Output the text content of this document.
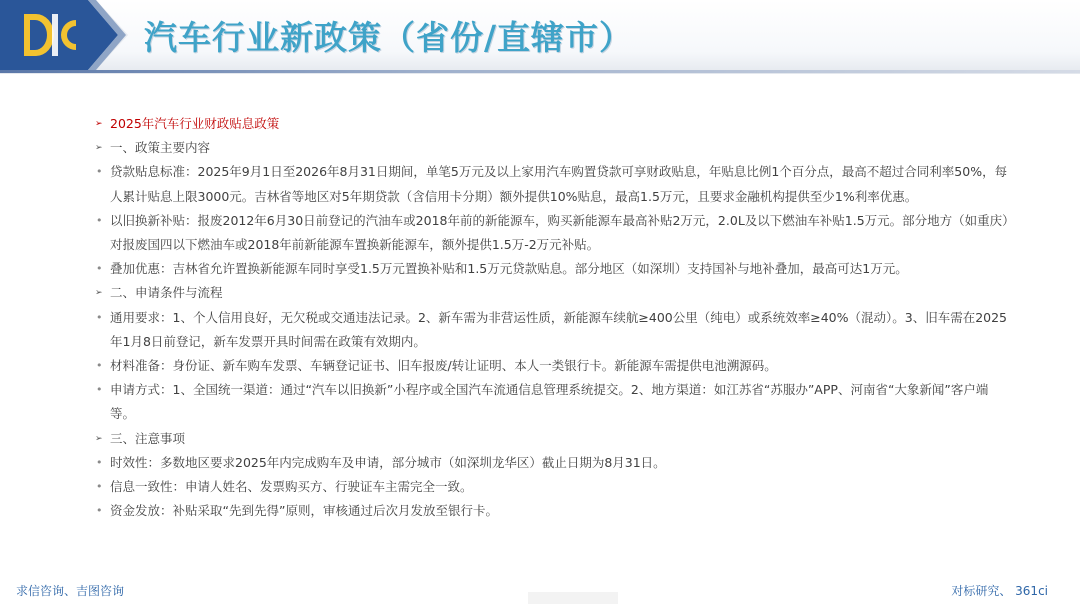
汽车行业新政策（省份/直辖市）
➢ 2025年汽车行业财政贴息政策
➢ 一、政策主要内容
• 贷款贴息标准：2025年9月1日至2026年8月31日期间，单笔5万元及以上家用汽车购置贷款可享财政贴息，年贴息比例1个百分点，最高不超过合同利率50%，每人累计贴息上限3000元。吉林省等地区对5年期贷款（含信用卡分期）额外提供10%贴息，最高1.5万元，且要求金融机构提供至少1%利率优惠。
• 以旧换新补贴：报废2012年6月30日前登记的汽油车或2018年前的新能源车，购买新能源车最高补贴2万元，2.0L及以下燃油车补贴1.5万元。部分地方（如重庆）对报废国四以下燃油车或2018年前新能源车置换新能源车，额外提供1.5万-2万元补贴。
• 叠加优惠：吉林省允许置换新能源车同时享受1.5万元置换补贴和1.5万元贷款贴息。部分地区（如深圳）支持国补与地补叠加，最高可达1万元。
➢ 二、申请条件与流程
• 通用要求：1、个人信用良好，无欠税或交通违法记录。2、新车需为非营运性质，新能源车续航≥400公里（纯电）或系统效率≥40%（混动）。3、旧车需在2025年1月8日前登记，新车发票开具时间需在政策有效期内。
• 材料准备：身份证、新车购车发票、车辆登记证书、旧车报废/转让证明、本人一类银行卡。新能源车需提供电池溯源码。
• 申请方式：1、全国统一渠道：通过“汽车以旧换新”小程序或全国汽车流通信息管理系统提交。2、地方渠道：如江苏省“苏服办”APP、河南省“大象新闻”客户端等。
➢ 三、注意事项
• 时效性：多数地区要求2025年内完成购车及申请，部分城市（如深圳龙华区）截止日期为8月31日。
• 信息一致性：申请人姓名、发票购买方、行驶证车主需完全一致。
• 资金发放：补贴采取“先到先得”原则，审核通过后次月发放至银行卡。
求信咨询、吉图咨询	对标研究、 361ci
